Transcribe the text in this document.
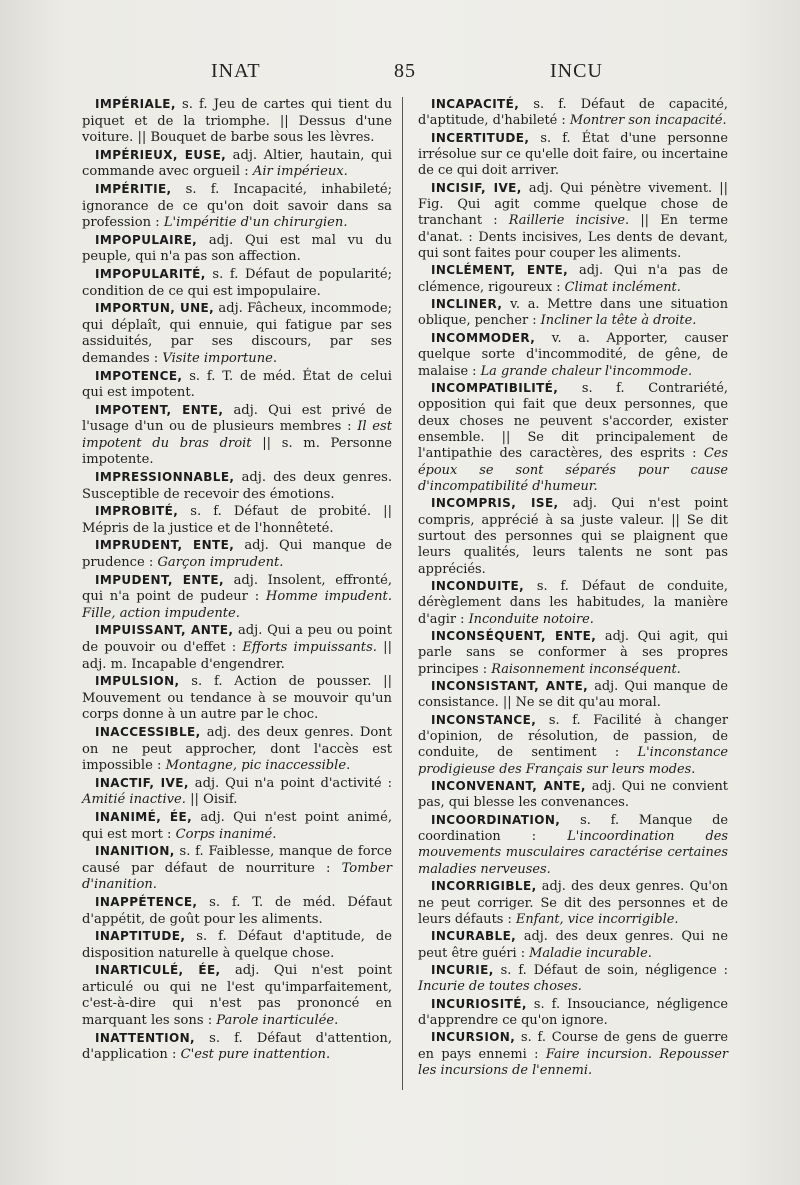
INAT	85	INCU

IMPÉRIALE, s. f. Jeu de cartes qui tient du piquet et de la triomphe. || Dessus d'une voiture. || Bouquet de barbe sous les lèvres.

IMPÉRIEUX, EUSE, adj. Altier, hautain, qui commande avec orgueil : Air impérieux.

IMPÉRITIE, s. f. Incapacité, inhabileté; ignorance de ce qu'on doit savoir dans sa profession : L'impéritie d'un chirurgien.

IMPOPULAIRE, adj. Qui est mal vu du peuple, qui n'a pas son affection.

IMPOPULARITÉ, s. f. Défaut de popularité; condition de ce qui est impopulaire.

IMPORTUN, UNE, adj. Fâcheux, incommode; qui déplaît, qui ennuie, qui fatigue par ses assiduités, par ses discours, par ses demandes : Visite importune.

IMPOTENCE, s. f. T. de méd. État de celui qui est impotent.

IMPOTENT, ENTE, adj. Qui est privé de l'usage d'un ou de plusieurs membres : Il est impotent du bras droit || s. m. Personne impotente.

IMPRESSIONNABLE, adj. des deux genres. Susceptible de recevoir des émotions.

IMPROBITÉ, s. f. Défaut de probité. || Mépris de la justice et de l'honnêteté.

IMPRUDENT, ENTE, adj. Qui manque de prudence : Garçon imprudent.

IMPUDENT, ENTE, adj. Insolent, effronté, qui n'a point de pudeur : Homme impudent. Fille, action impudente.

IMPUISSANT, ANTE, adj. Qui a peu ou point de pouvoir ou d'effet : Efforts impuissants. || adj. m. Incapable d'engendrer.

IMPULSION, s. f. Action de pousser. || Mouvement ou tendance à se mouvoir qu'un corps donne à un autre par le choc.

INACCESSIBLE, adj. des deux genres. Dont on ne peut approcher, dont l'accès est impossible : Montagne, pic inaccessible.

INACTIF, IVE, adj. Qui n'a point d'activité : Amitié inactive. || Oisif.

INANIMÉ, ÉE, adj. Qui n'est point animé, qui est mort : Corps inanimé.

INANITION, s. f. Faiblesse, manque de force causé par défaut de nourriture : Tomber d'inanition.

INAPPÉTENCE, s. f. T. de méd. Défaut d'appétit, de goût pour les aliments.

INAPTITUDE, s. f. Défaut d'aptitude, de disposition naturelle à quelque chose.

INARTICULÉ, ÉE, adj. Qui n'est point articulé ou qui ne l'est qu'imparfaitement, c'est-à-dire qui n'est pas prononcé en marquant les sons : Parole inarticulée.

INATTENTION, s. f. Défaut d'attention, d'application : C'est pure inattention.

INCAPACITÉ, s. f. Défaut de capacité, d'aptitude, d'habileté : Montrer son incapacité.

INCERTITUDE, s. f. État d'une personne irrésolue sur ce qu'elle doit faire, ou incertaine de ce qui doit arriver.

INCISIF, IVE, adj. Qui pénètre vivement. || Fig. Qui agit comme quelque chose de tranchant : Raillerie incisive. || En terme d'anat. : Dents incisives, Les dents de devant, qui sont faites pour couper les aliments.

INCLÉMENT, ENTE, adj. Qui n'a pas de clémence, rigoureux : Climat inclément.

INCLINER, v. a. Mettre dans une situation oblique, pencher : Incliner la tête à droite.

INCOMMODER, v. a. Apporter, causer quelque sorte d'incommodité, de gêne, de malaise : La grande chaleur l'incommode.

INCOMPATIBILITÉ, s. f. Contrariété, opposition qui fait que deux personnes, que deux choses ne peuvent s'accorder, exister ensemble. || Se dit principalement de l'antipathie des caractères, des esprits : Ces époux se sont séparés pour cause d'incompatibilité d'humeur.

INCOMPRIS, ISE, adj. Qui n'est point compris, apprécié à sa juste valeur. || Se dit surtout des personnes qui se plaignent que leurs qualités, leurs talents ne sont pas appréciés.

INCONDUITE, s. f. Défaut de conduite, dérèglement dans les habitudes, la manière d'agir : Inconduite notoire.

INCONSÉQUENT, ENTE, adj. Qui agit, qui parle sans se conformer à ses propres principes : Raisonnement inconséquent.

INCONSISTANT, ANTE, adj. Qui manque de consistance. || Ne se dit qu'au moral.

INCONSTANCE, s. f. Facilité à changer d'opinion, de résolution, de passion, de conduite, de sentiment : L'inconstance prodigieuse des Français sur leurs modes.

INCONVENANT, ANTE, adj. Qui ne convient pas, qui blesse les convenances.

INCOORDINATION, s. f. Manque de coordination : L'incoordination des mouvements musculaires caractérise certaines maladies nerveuses.

INCORRIGIBLE, adj. des deux genres. Qu'on ne peut corriger. Se dit des personnes et de leurs défauts : Enfant, vice incorrigible.

INCURABLE, adj. des deux genres. Qui ne peut être guéri : Maladie incurable.

INCURIE, s. f. Défaut de soin, négligence : Incurie de toutes choses.

INCURIOSITÉ, s. f. Insouciance, négligence d'apprendre ce qu'on ignore.

INCURSION, s. f. Course de gens de guerre en pays ennemi : Faire incursion. Repousser les incursions de l'ennemi.
